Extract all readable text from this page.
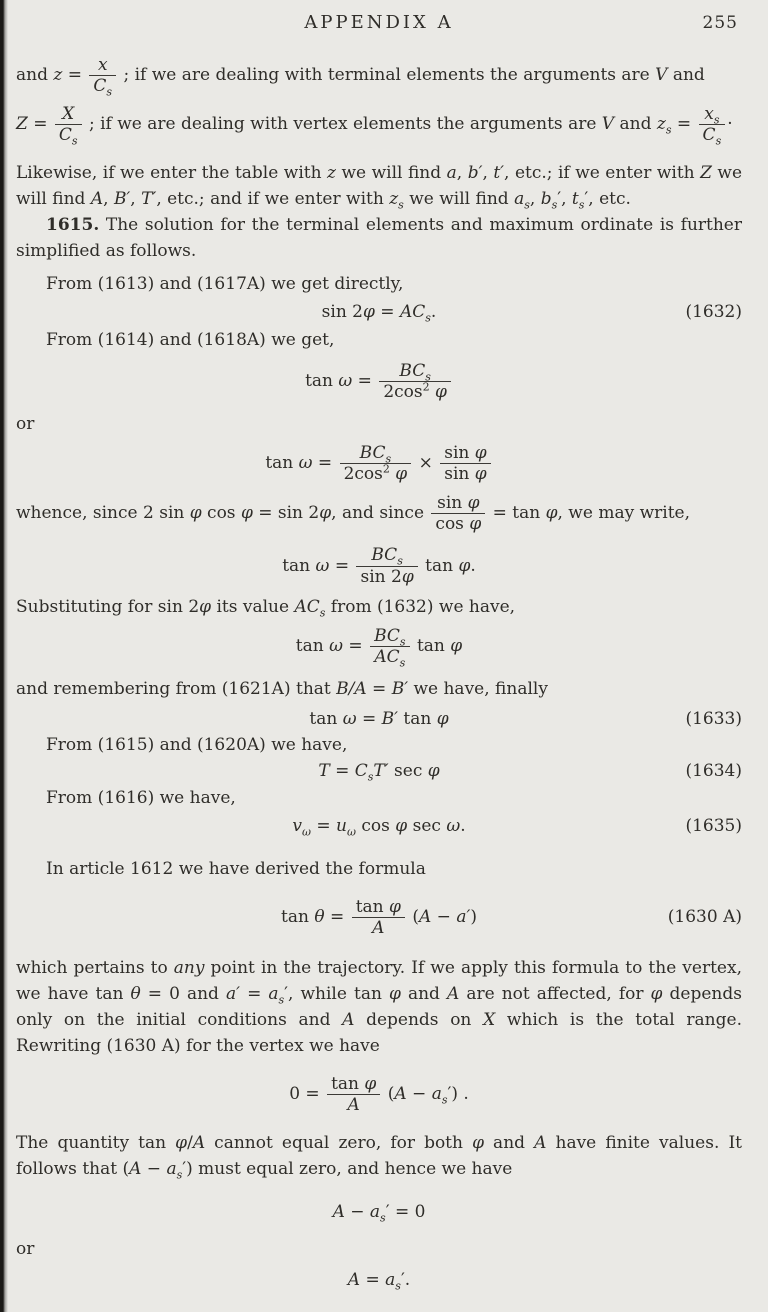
APPENDIX A	255

and $z = \frac{x}{C_s}$ ; if we are dealing with terminal elements the arguments are V and

$Z = \frac{X}{C_s}$ ; if we are dealing with vertex elements the arguments are V and $z_s = \frac{x_s}{C_s}$ ·

Likewise, if we enter the table with z we will find a, b′, t′, etc.; if we enter with Z we will find A, B′, T′, etc.; and if we enter with $z_s$ we will find $a_s$, $b_s'$, $t_s'$, etc.

1615. The solution for the terminal elements and maximum ordinate is further simplified as follows.

From (1613) and (1617A) we get directly,

$\sin 2\varphi = AC_s$.	(1632)

From (1614) and (1618A) we get,

$\tan \omega = \frac{BC_s}{2\cos^2 \varphi}$

or

$\tan \omega = \frac{BC_s}{2\cos^2 \varphi} \times \frac{\text{sin φ}}{\text{sin φ}}$

whence, since 2 sin φ cos φ = sin 2φ, and since $\frac{\text{sin φ}}{\text{cos φ}} = \tan \varphi$, we may write,

$\tan \omega = \frac{BC_s}{\sin 2\varphi}$ tan φ.

Substituting for sin 2φ its value $AC_s$ from (1632) we have,

$\tan \omega = \frac{BC_s}{AC_s}$ tan φ

and remembering from (1621A) that B/A = B′ we have, finally

tan ω = B′ tan φ	(1633)

From (1615) and (1620A) we have,

$T = C_sT'$ sec φ	(1634)

From (1616) we have,

$v_\omega = u_\omega$ cos φ sec ω.	(1635)

In article 1612 we have derived the formula

$\tan \theta = \frac{\text{tan φ}}{A} (A - a')$	(1630 A)

which pertains to any point in the trajectory. If we apply this formula to the vertex, we have tan θ = 0 and $a' = a_s'$, while tan φ and A are not affected, for φ depends only on the initial conditions and A depends on X which is the total range. Rewriting (1630 A) for the vertex we have

$0 = \frac{\text{tan φ}}{A} (A - a_s')$ .

The quantity tan φ/A cannot equal zero, for both φ and A have finite values. It follows that $(A - a_s')$ must equal zero, and hence we have

$A - a_s' = 0$

or

$A = a_s'$.
